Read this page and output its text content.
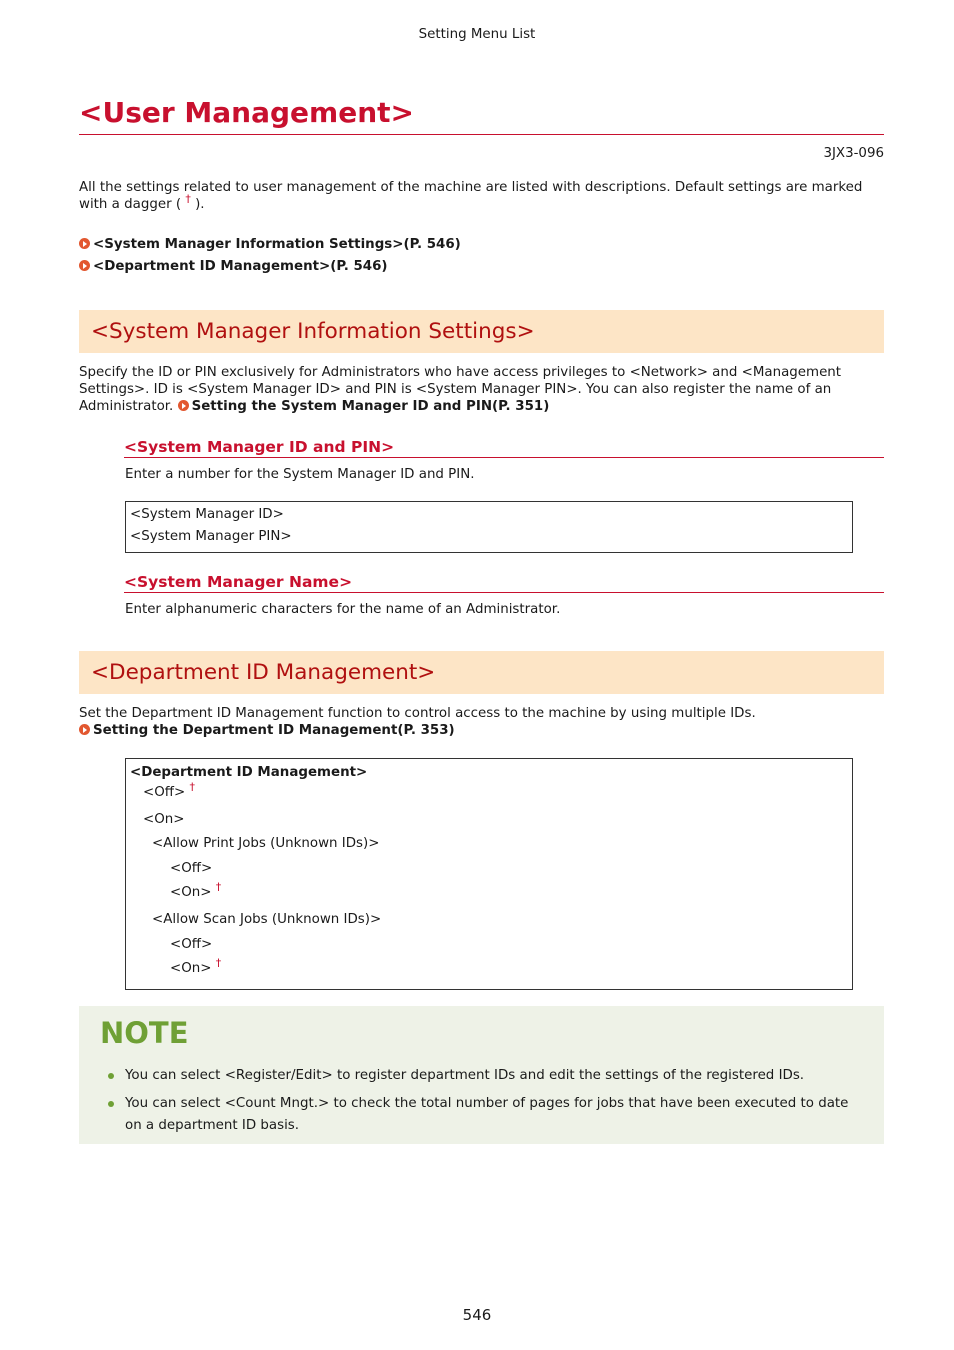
Setting Menu List
<User Management>
3JX3-096
All the settings related to user management of the machine are listed with descriptions. Default settings are marked with a dagger ( † ).
<System Manager Information Settings>(P. 546)
<Department ID Management>(P. 546)
<System Manager Information Settings>
Specify the ID or PIN exclusively for Administrators who have access privileges to <Network> and <Management Settings>. ID is <System Manager ID> and PIN is <System Manager PIN>. You can also register the name of an Administrator. Setting the System Manager ID and PIN(P. 351)
<System Manager ID and PIN>
Enter a number for the System Manager ID and PIN.
<System Manager ID>
<System Manager PIN>
<System Manager Name>
Enter alphanumeric characters for the name of an Administrator.
<Department ID Management>
Set the Department ID Management function to control access to the machine by using multiple IDs. Setting the Department ID Management(P. 353)
<Department ID Management>
<Off> †
<On>
<Allow Print Jobs (Unknown IDs)>
<Off>
<On> †
<Allow Scan Jobs (Unknown IDs)>
<Off>
<On> †
NOTE
You can select <Register/Edit> to register department IDs and edit the settings of the registered IDs.
You can select <Count Mngt.> to check the total number of pages for jobs that have been executed to date on a department ID basis.
546
